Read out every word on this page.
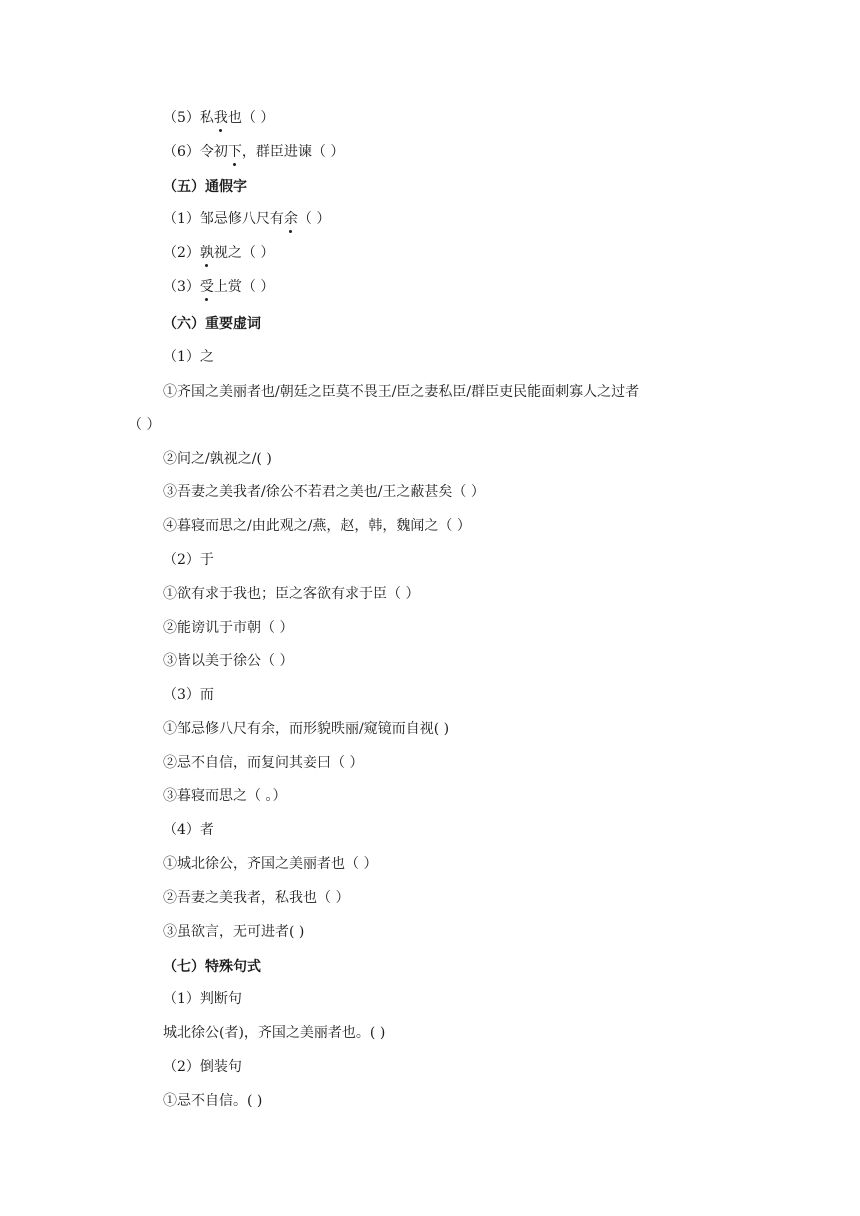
（5）私我也（ ）
（6）令初下，群臣进谏（ ）
（五）通假字
（1）邹忌修八尺有余（ ）
（2）孰视之（ ）
（3）受上赏（ ）
（六）重要虚词
（1）之
①齐国之美丽者也/朝廷之臣莫不畏王/臣之妻私臣/群臣吏民能面刺寡人之过者
（ ）
②问之/孰视之/( )
③吾妻之美我者/徐公不若君之美也/王之蔽甚矣（ ）
④暮寝而思之/由此观之/燕，赵，韩，魏闻之（ ）
（2）于
①欲有求于我也；臣之客欲有求于臣（ ）
②能谤讥于市朝（ ）
③皆以美于徐公（ ）
（3）而
①邹忌修八尺有余，而形貌昳丽/窥镜而自视( )
②忌不自信，而复问其妾曰（ ）
③暮寝而思之（ 。）
（4）者
①城北徐公，齐国之美丽者也（ ）
②吾妻之美我者，私我也（ ）
③虽欲言，无可进者( )
（七）特殊句式
（1）判断句
城北徐公(者)，齐国之美丽者也。( )
（2）倒装句
①忌不自信。( )
